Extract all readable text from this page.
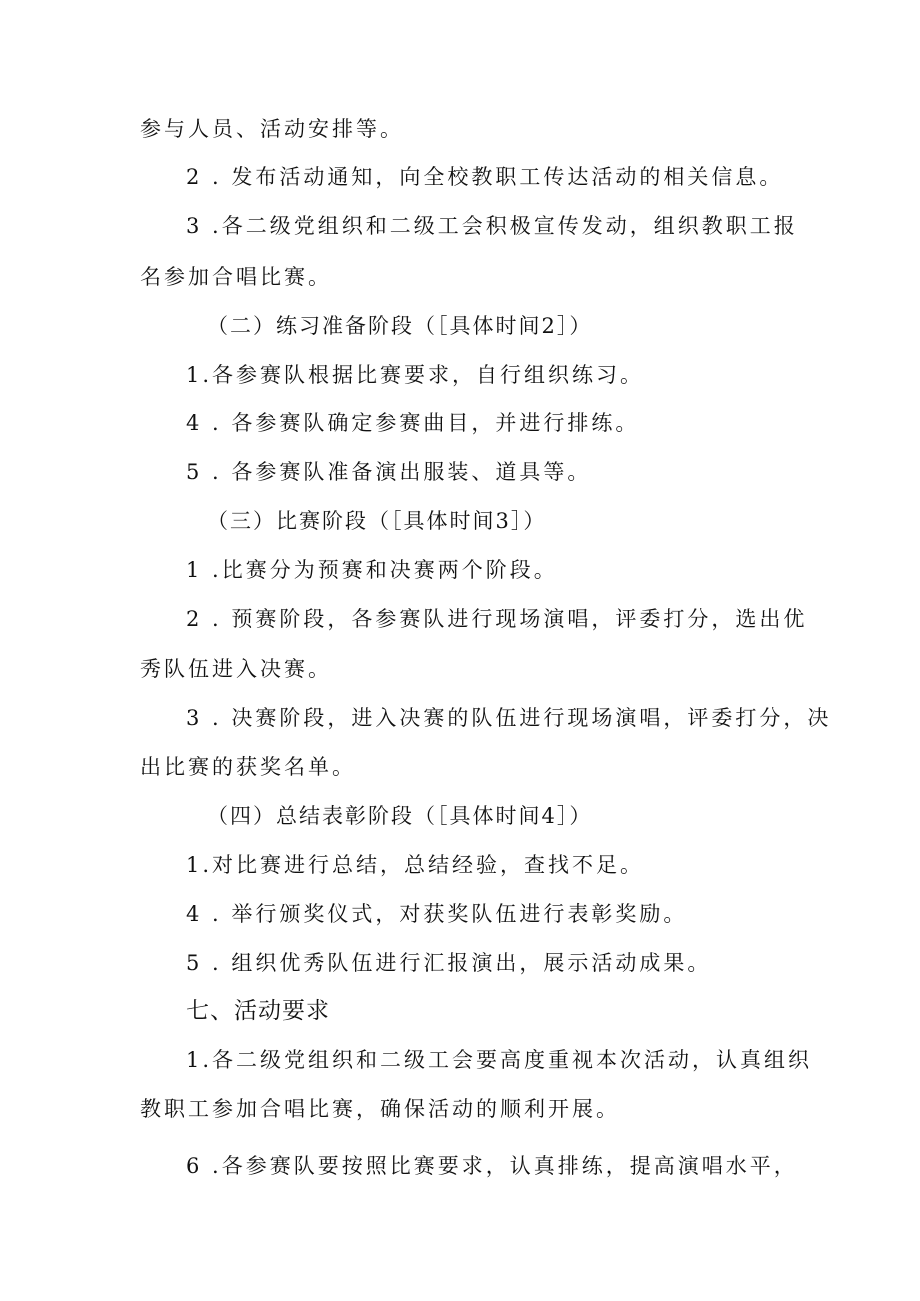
参与人员、活动安排等。
2 . 发布活动通知，向全校教职工传达活动的相关信息。
3 .各二级党组织和二级工会积极宣传发动，组织教职工报
名参加合唱比赛。
（二）练习准备阶段（［具体时间2］）
1.各参赛队根据比赛要求，自行组织练习。
4 . 各参赛队确定参赛曲目，并进行排练。
5 . 各参赛队准备演出服装、道具等。
（三）比赛阶段（［具体时间3］）
1 .比赛分为预赛和决赛两个阶段。
2 . 预赛阶段，各参赛队进行现场演唱，评委打分，选出优
秀队伍进入决赛。
3 . 决赛阶段，进入决赛的队伍进行现场演唱，评委打分，决
出比赛的获奖名单。
（四）总结表彰阶段（［具体时间4］）
1.对比赛进行总结，总结经验，查找不足。
4 . 举行颁奖仪式，对获奖队伍进行表彰奖励。
5 . 组织优秀队伍进行汇报演出，展示活动成果。
七、活动要求
1.各二级党组织和二级工会要高度重视本次活动，认真组织
教职工参加合唱比赛，确保活动的顺利开展。
6 .各参赛队要按照比赛要求，认真排练，提高演唱水平，
